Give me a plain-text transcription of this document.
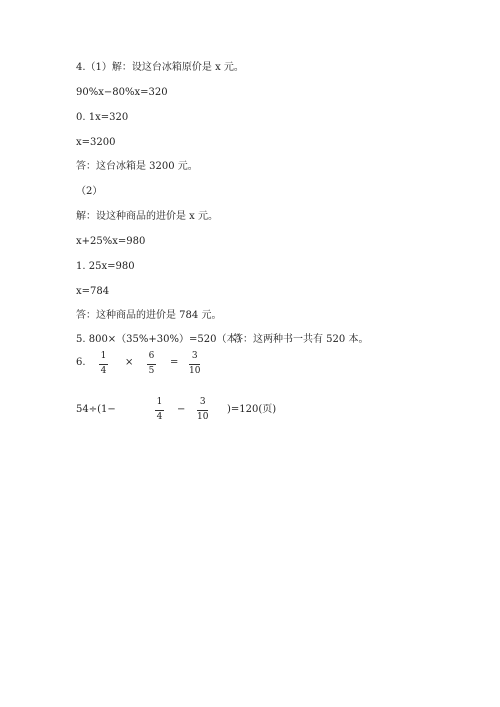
4.（1）解：设这台冰箱原价是 x 元。
90%x−80%x=320
0. 1x=320
x=3200
答：这台冰箱是 3200 元。
（2）
解：设这种商品的进价是 x 元。
x+25%x=980
1. 25x=980
x=784
答：这种商品的进价是 784 元。
5. 800×（35%+30%）=520（本）
答：这两种书一共有 520 本。
6.
1
4
×
6
5
=
3
10
54÷(1−
1
4
−
3
10
)=120(页)
